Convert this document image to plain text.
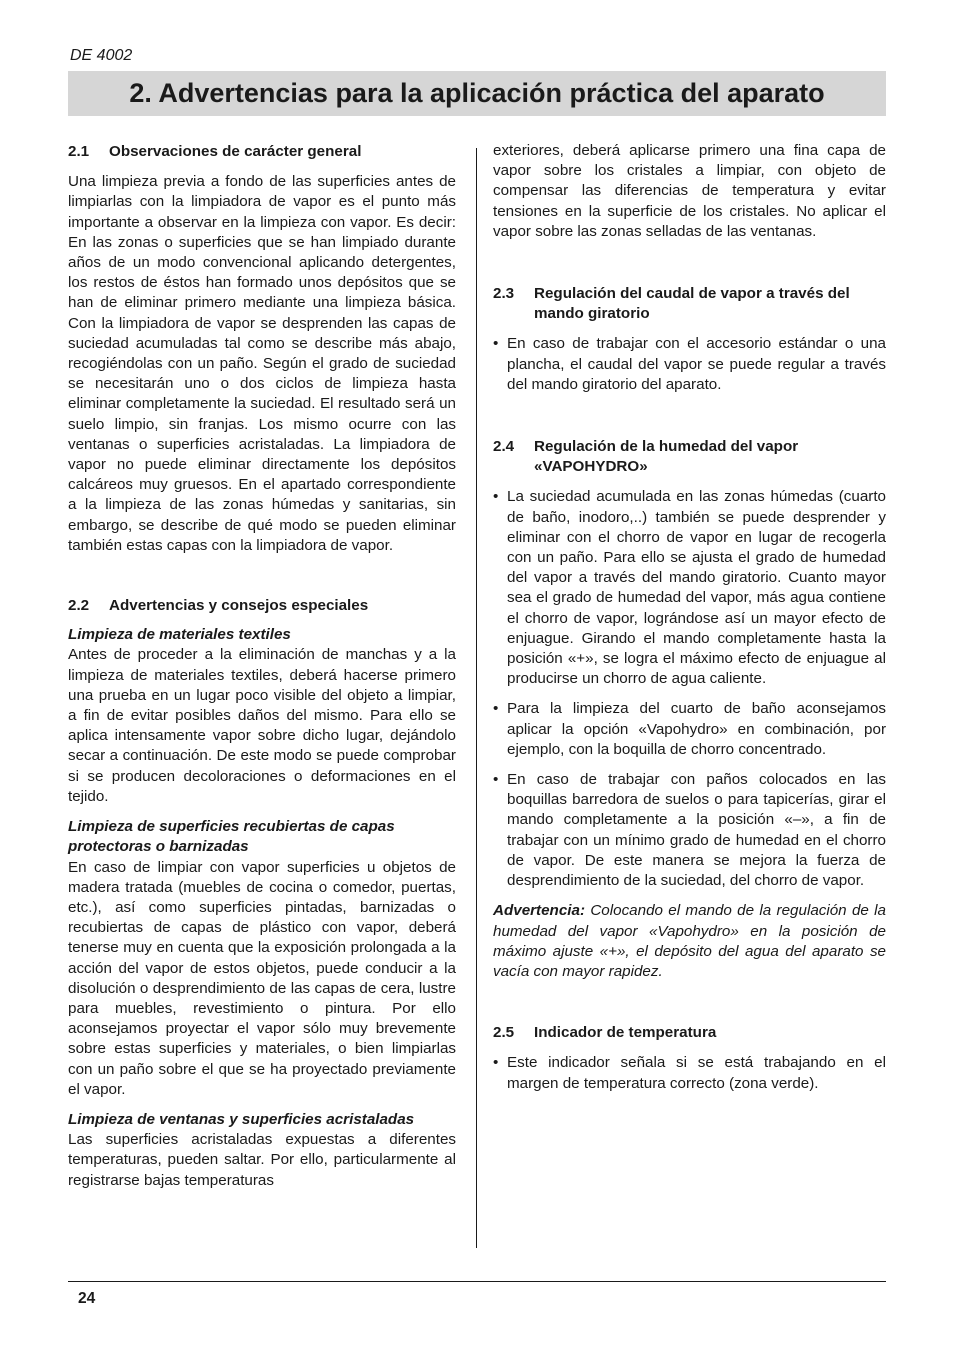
DE 4002
2. Advertencias para la aplicación práctica del aparato
2.1	Observaciones de carácter general

Una limpieza previa a fondo de las superficies antes de limpiarlas con la limpiadora de vapor es el punto más importante a observar en la limpieza con vapor. Es decir: En las zonas o superficies que se han limpiado durante años de un modo convencional aplicando detergentes, los restos de éstos han formado unos depósitos que se han de eliminar primero mediante una limpieza básica. Con la limpiadora de vapor se desprenden las capas de suciedad acumuladas tal como se describe más abajo, recogiéndolas con un paño. Según el grado de suciedad se necesitarán uno o dos ciclos de limpieza hasta eliminar completamente la suciedad. El resultado será un suelo limpio, sin franjas. Los mismo ocurre con las ventanas o superficies acristaladas. La limpiadora de vapor no puede eliminar directamente los depósitos calcáreos muy gruesos. En el apartado correspondiente a la limpieza de las zonas húmedas y sanitarias, sin embargo, se describe de qué modo se pueden eliminar también estas capas con la limpiadora de vapor.

2.2	Advertencias y consejos especiales
Limpieza de materiales textiles

Antes de proceder a la eliminación de manchas y a la limpieza de materiales textiles, deberá hacerse primero una prueba en un lugar poco visible del objeto a limpiar, a fin de evitar posibles daños del mismo. Para ello se aplica intensamente vapor sobre dicho lugar, dejándolo secar a continuación. De este modo se puede comprobar si se producen decoloraciones o deformaciones en el tejido.

Limpieza de superficies recubiertas de capas protectoras o barnizadas

En caso de limpiar con vapor superficies u objetos de madera tratada (muebles de cocina o comedor, puertas, etc.), así como superficies pintadas, barnizadas o recubiertas de capas de plástico con vapor, deberá tenerse muy en cuenta que la exposición prolongada a la acción del vapor de estos objetos, puede conducir a la disolución o desprendimiento de las capas de cera, lustre para muebles, revestimiento o pintura. Por ello aconsejamos proyectar el vapor sólo muy brevemente sobre estas superficies y materiales, o bien limpiarlas con un paño sobre el que se ha proyectado previamente el vapor.

Limpieza de ventanas y superficies acristaladas

Las superficies acristaladas expuestas a diferentes temperaturas, pueden saltar. Por ello, particularmente al registrarse bajas temperaturas

exteriores, deberá aplicarse primero una fina capa de vapor sobre los cristales a limpiar, con objeto de compensar las diferencias de temperatura y evitar tensiones en la superficie de los cristales. No aplicar el vapor sobre las zonas selladas de las ventanas.

2.3	Regulación del caudal de vapor a través del mando giratorio
• En caso de trabajar con el accesorio estándar o una plancha, el caudal del vapor se puede regular a través del mando giratorio del aparato.
2.4	Regulación de la humedad del vapor «VAPOHYDRO»
• La suciedad acumulada en las zonas húmedas (cuarto de baño, inodoro,..) también se puede desprender y eliminar con el chorro de vapor en lugar de recogerla con un paño. Para ello se ajusta el grado de humedad del vapor a través del mando giratorio. Cuanto mayor sea el grado de humedad del vapor, más agua contiene el chorro de vapor, lográndose así un mayor efecto de enjuague. Girando el mando completamente hasta la posición «+», se logra el máximo efecto de enjuague al producirse un chorro de agua caliente.
• Para la limpieza del cuarto de baño aconsejamos aplicar la opción «Vapohydro» en combinación, por ejemplo, con la boquilla de chorro concentrado.
• En caso de trabajar con paños colocados en las boquillas barredora de suelos o para tapicerías, girar el mando completamente a la posición «–», a fin de trabajar con un mínimo grado de humedad en el chorro de vapor. De este manera se mejora la fuerza de desprendimiento de la suciedad, del chorro de vapor.

Advertencia: Colocando el mando de la regulación de la humedad del vapor «Vapohydro» en la posición de máximo ajuste «+», el depósito del agua del aparato se vacía con mayor rapidez.

2.5	Indicador de temperatura
• Este indicador señala si se está trabajando en el margen de temperatura correcto (zona verde).
24
